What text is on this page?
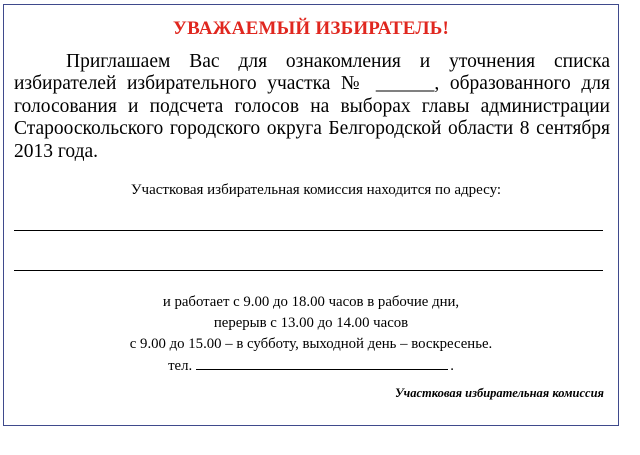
УВАЖАЕМЫЙ ИЗБИРАТЕЛЬ!

Приглашаем Вас для ознакомления и уточнения списка избирателей избирательного участка № ______, образованного для голосования и подсчета голосов на выборах главы администрации Старооскольского городского округа Белгородской области 8 сентября 2013 года.

Участковая избирательная комиссия находится по адресу:
и работает с 9.00 до 18.00 часов в рабочие дни,
перерыв с 13.00 до 14.00 часов
с 9.00 до 15.00 – в субботу, выходной день – воскресенье.
тел.	.
Участковая избирательная комиссия
